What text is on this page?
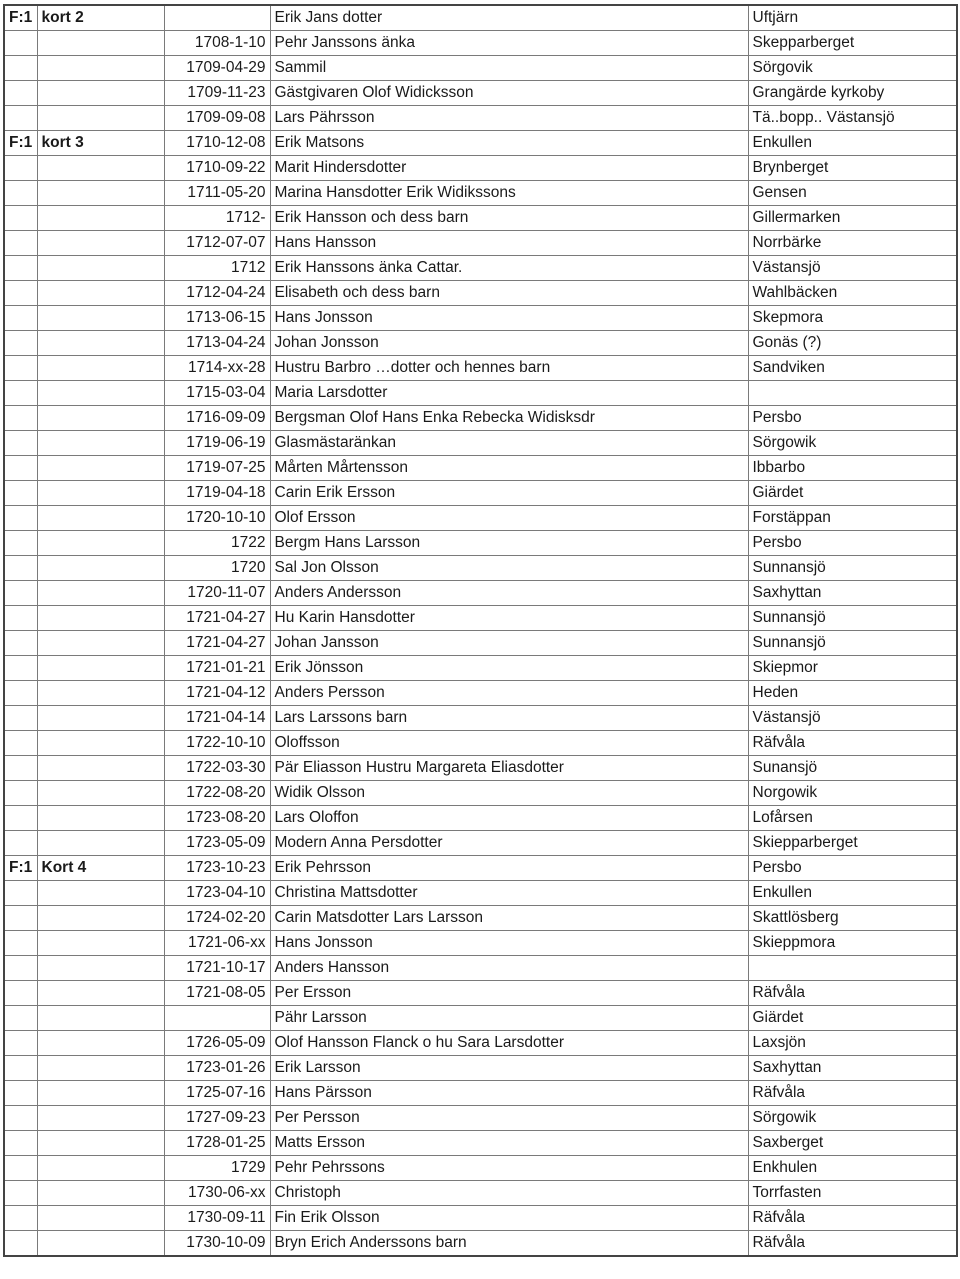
F:1	kort 2		Erik Jans dotter	Uftjärn
		1708-1-10	Pehr Janssons änka	Skepparberget
		1709-04-29	Sammil	Sörgovik
		1709-11-23	Gästgivaren Olof Widicksson	Grangärde kyrkoby
		1709-09-08	Lars Pährsson	Tä..bopp.. Västansjö
F:1	kort 3	1710-12-08	Erik Matsons	Enkullen
		1710-09-22	Marit Hindersdotter	Brynberget
		1711-05-20	Marina Hansdotter Erik Widikssons	Gensen
		1712-	Erik Hansson och dess barn	Gillermarken
		1712-07-07	Hans Hansson	Norrbärke
		1712	Erik Hanssons änka Cattar.	Västansjö
		1712-04-24	Elisabeth och dess barn	Wahlbäcken
		1713-06-15	Hans Jonsson	Skepmora
		1713-04-24	Johan Jonsson	Gonäs (?)
		1714-xx-28	Hustru Barbro …dotter och hennes barn	Sandviken
		1715-03-04	Maria Larsdotter	
		1716-09-09	Bergsman Olof Hans Enka Rebecka Widisksdr	Persbo
		1719-06-19	Glasmästaränkan	Sörgowik
		1719-07-25	Mårten Mårtensson	Ibbarbo
		1719-04-18	Carin Erik Ersson	Giärdet
		1720-10-10	Olof Ersson	Forstäppan
		1722	Bergm Hans Larsson	Persbo
		1720	Sal Jon Olsson	Sunnansjö
		1720-11-07	Anders Andersson	Saxhyttan
		1721-04-27	Hu Karin Hansdotter	Sunnansjö
		1721-04-27	Johan Jansson	Sunnansjö
		1721-01-21	Erik Jönsson	Skiepmor
		1721-04-12	Anders Persson	Heden
		1721-04-14	Lars Larssons barn	Västansjö
		1722-10-10	Oloffsson	Räfvåla
		1722-03-30	Pär Eliasson Hustru Margareta Eliasdotter	Sunansjö
		1722-08-20	Widik Olsson	Norgowik
		1723-08-20	Lars Oloffon	Lofårsen
		1723-05-09	Modern Anna Persdotter	Skiepparberget
F:1	Kort 4	1723-10-23	Erik Pehrsson	Persbo
		1723-04-10	Christina Mattsdotter	Enkullen
		1724-02-20	Carin Matsdotter Lars Larsson	Skattlösberg
		1721-06-xx	Hans Jonsson	Skieppmora
		1721-10-17	Anders Hansson	
		1721-08-05	Per Ersson	Räfvåla
			Pähr Larsson	Giärdet
		1726-05-09	Olof Hansson Flanck o hu Sara Larsdotter	Laxsjön
		1723-01-26	Erik Larsson	Saxhyttan
		1725-07-16	Hans Pärsson	Räfvåla
		1727-09-23	Per Persson	Sörgowik
		1728-01-25	Matts Ersson	Saxberget
		1729	Pehr Pehrssons	Enkhulen
		1730-06-xx	Christoph	Torrfasten
		1730-09-11	Fin Erik Olsson	Räfvåla
		1730-10-09	Bryn Erich Anderssons barn	Räfvåla
